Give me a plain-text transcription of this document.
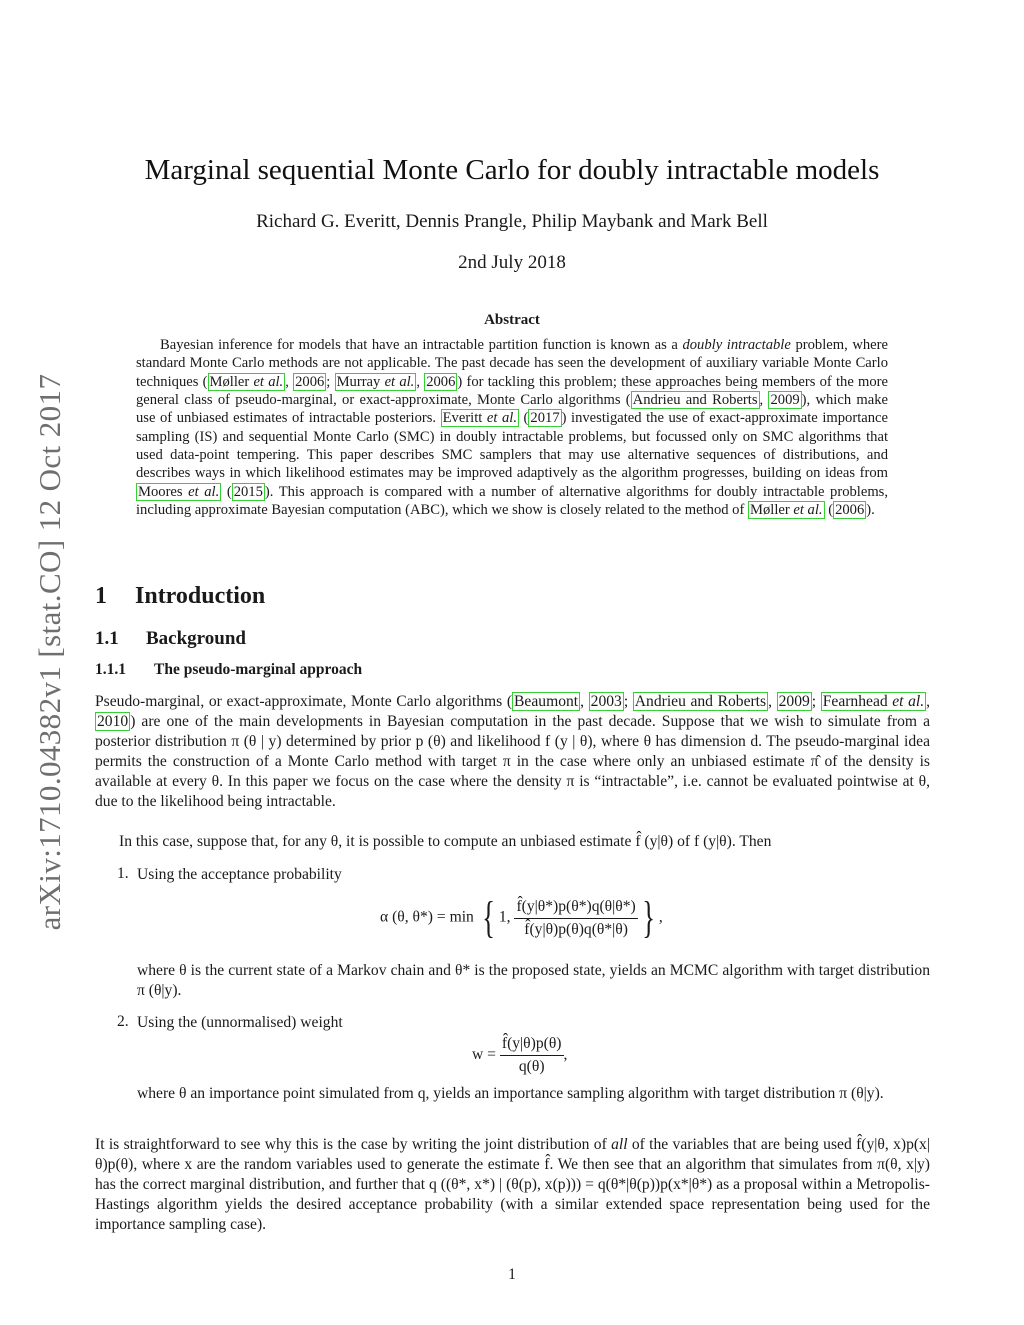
arXiv:1710.04382v1 [stat.CO] 12 Oct 2017
Marginal sequential Monte Carlo for doubly intractable models
Richard G. Everitt, Dennis Prangle, Philip Maybank and Mark Bell
2nd July 2018
Abstract
Bayesian inference for models that have an intractable partition function is known as a doubly intractable problem, where standard Monte Carlo methods are not applicable. The past decade has seen the development of auxiliary variable Monte Carlo techniques ( Møller et al. , 2006 ; Murray et al. , 2006 ) for tackling this problem; these approaches being members of the more general class of pseudo-marginal, or exact-approximate, Monte Carlo algorithms ( Andrieu and Roberts , 2009 ), which make use of unbiased estimates of intractable posteriors. Everitt et al. ( 2017 ) investigated the use of exact-approximate importance sampling (IS) and sequential Monte Carlo (SMC) in doubly intractable problems, but focussed only on SMC algorithms that used data-point tempering. This paper describes SMC samplers that may use alternative sequences of distributions, and describes ways in which likelihood estimates may be improved adaptively as the algorithm progresses, building on ideas from Moores et al. ( 2015 ). This approach is compared with a number of alternative algorithms for doubly intractable problems, including approximate Bayesian computation (ABC), which we show is closely related to the method of Møller et al. ( 2006 ).
1 Introduction
1.1 Background
1.1.1 The pseudo-marginal approach
Pseudo-marginal, or exact-approximate, Monte Carlo algorithms ( Beaumont , 2003 ; Andrieu and Roberts , 2009 ; Fearnhead et al. , 2010 ) are one of the main developments in Bayesian computation in the past decade. Suppose that we wish to simulate from a posterior distribution π (θ | y) determined by prior p (θ) and likelihood f (y | θ), where θ has dimension d. The pseudo-marginal idea permits the construction of a Monte Carlo method with target π in the case where only an unbiased estimate π̂ of the density is available at every θ. In this paper we focus on the case where the density π is “intractable”, i.e. cannot be evaluated pointwise at θ, due to the likelihood being intractable.
In this case, suppose that, for any θ, it is possible to compute an unbiased estimate f̂ (y|θ) of f (y|θ). Then
1. Using the acceptance probability
α (θ, θ*) = min { 1, $\frac{f̂(y|\theta*)p(\theta*)q(\theta|\theta*)}{f̂(y|\theta)p(\theta)q(\theta*|\theta)}$ } ,
where θ is the current state of a Markov chain and θ* is the proposed state, yields an MCMC algorithm with target distribution π (θ|y).
2. Using the (unnormalised) weight
$w = \frac{f̂(y|\theta)p(\theta)}{q(\theta)}$ ,
where θ an importance point simulated from q, yields an importance sampling algorithm with target distribution π (θ|y).
It is straightforward to see why this is the case by writing the joint distribution of all of the variables that are being used f̂(y|θ, x)p(x|θ)p(θ), where x are the random variables used to generate the estimate f̂. We then see that an algorithm that simulates from π(θ, x|y) has the correct marginal distribution, and further that q ((θ*, x*) | (θ(p), x(p))) = q(θ*|θ(p))p(x*|θ*) as a proposal within a Metropolis-Hastings algorithm yields the desired acceptance probability (with a similar extended space representation being used for the importance sampling case).
1
